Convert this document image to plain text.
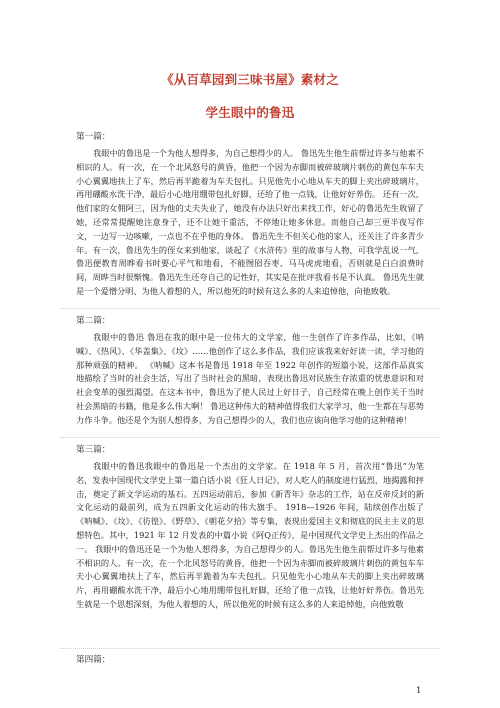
《从百草园到三味书屋》素材之
学生眼中的鲁迅

第一篇：

我眼中的鲁迅是一个为他人想得多，为自己想得少的人。 鲁迅先生他生前帮过许多与他素不相识的人。有一次，在一个北风怒号的黄昏，他把一个因为赤脚而被碎玻璃片刺伤的黄包车车夫小心翼翼地扶上了车，然后再半跪着为车夫包扎。只见他先小心地从车夫的脚上夹出碎玻璃片，再用硼酸水洗干净，最后小心地用绷带包扎好脚，还给了他一点钱，让他好好养伤。 还有一次，他们家的女佣阿三，因为他的丈夫失业了，她没有办法只好出来找工作，好心的鲁迅先生收留了她，还常常提醒她注意身子，还不让她干重活，不停地让她多休息。而他自己却三更半夜写作文，一边写一边咳嗽，一点也不在乎他的身体。 鲁迅先生不但关心他的家人，还关注了许多青少年。有一次，鲁迅先生的侄女来到他家，谈起了《水浒传》里的故事与人物，可我学乱说一气，鲁迅便教育周晔看书时要心平气和地看，不能囫囵吞枣、马马虎虎地看，否则就是白白浪费时间，周晔当时很惭愧。鲁迅先生还夸自己的记性好，其实是在批评我看书是不认真。 鲁迅先生就是一个爱憎分明、为他人着想的人，所以他死的时候有这么多的人来追悼他，向他致敬。

第二篇：

我眼中的鲁迅 鲁迅在我的眼中是一位伟大的文学家，他一生创作了许多作品，比如，《呐喊》、《热风》、《华盖集》、《坟》……他创作了这么多作品，我们应该我来好好读一读，学习他的那种顽强的精神。 《呐喊》这本书是鲁迅 1918 年至 1922 年创作的短篇小说，这部作品真实地描绘了当时的社会生活，写出了当时社会的黑暗，表现出鲁迅对民族生存浓重的忧患意识和对社会变革的强烈渴望。在这本书中，鲁迅为了使人民过上好日子，自己经常在晚上创作关于当时社会黑暗的书籍，他是多么伟大啊！ 鲁迅这种伟大的精神值得我们大家学习，他一生都在与恶势力作斗争。他还是个为别人想得多，为自己想得少的人，我们也应该向他学习他的这种精神！

第三篇：

我眼中的鲁迅我眼中的鲁迅是一个杰出的文学家。在 1918 年 5 月，首次用“鲁迅”为笔名，发表中国现代文学史上第一篇白话小说《狂人日记》，对人吃人的制度进行猛烈，地揭露和抨击，奠定了新文学运动的基石。五四运动前后，参加《新青年》杂志的工作，站在反帝反封的新文化运动的最前列，成为五四新文化运动的伟大旗手。 1918—1926 年间，陆续创作出版了《呐喊》、《坟》、《彷徨》、《野草》、《朝花夕拾》等专集，表现出爱国主义和彻底的民主主义的思想特色。其中，1921 年 12 月发表的中篇小说《阿Q正传》，是中国现代文学史上杰出的作品之一。 我眼中的鲁迅还是一个为他人想得多，为自己想得少的人。鲁迅先生他生前帮过许多与他素不相识的人。有一次，在一个北风怒号的黄昏，他把一个因为赤脚而被碎玻璃片刺伤的黄包车车夫小心翼翼地扶上了车，然后再半跪着为车夫包扎。只见他先小心地从车夫的脚上夹出碎玻璃片，再用硼酸水洗干净，最后小心地用绷带包扎好脚，还给了他一点钱，让他好好养伤。鲁迅先生就是一个思想深刻，为他人着想的人，所以他死的时候有这么多的人来追悼他，向他致敬

第四篇：

1
